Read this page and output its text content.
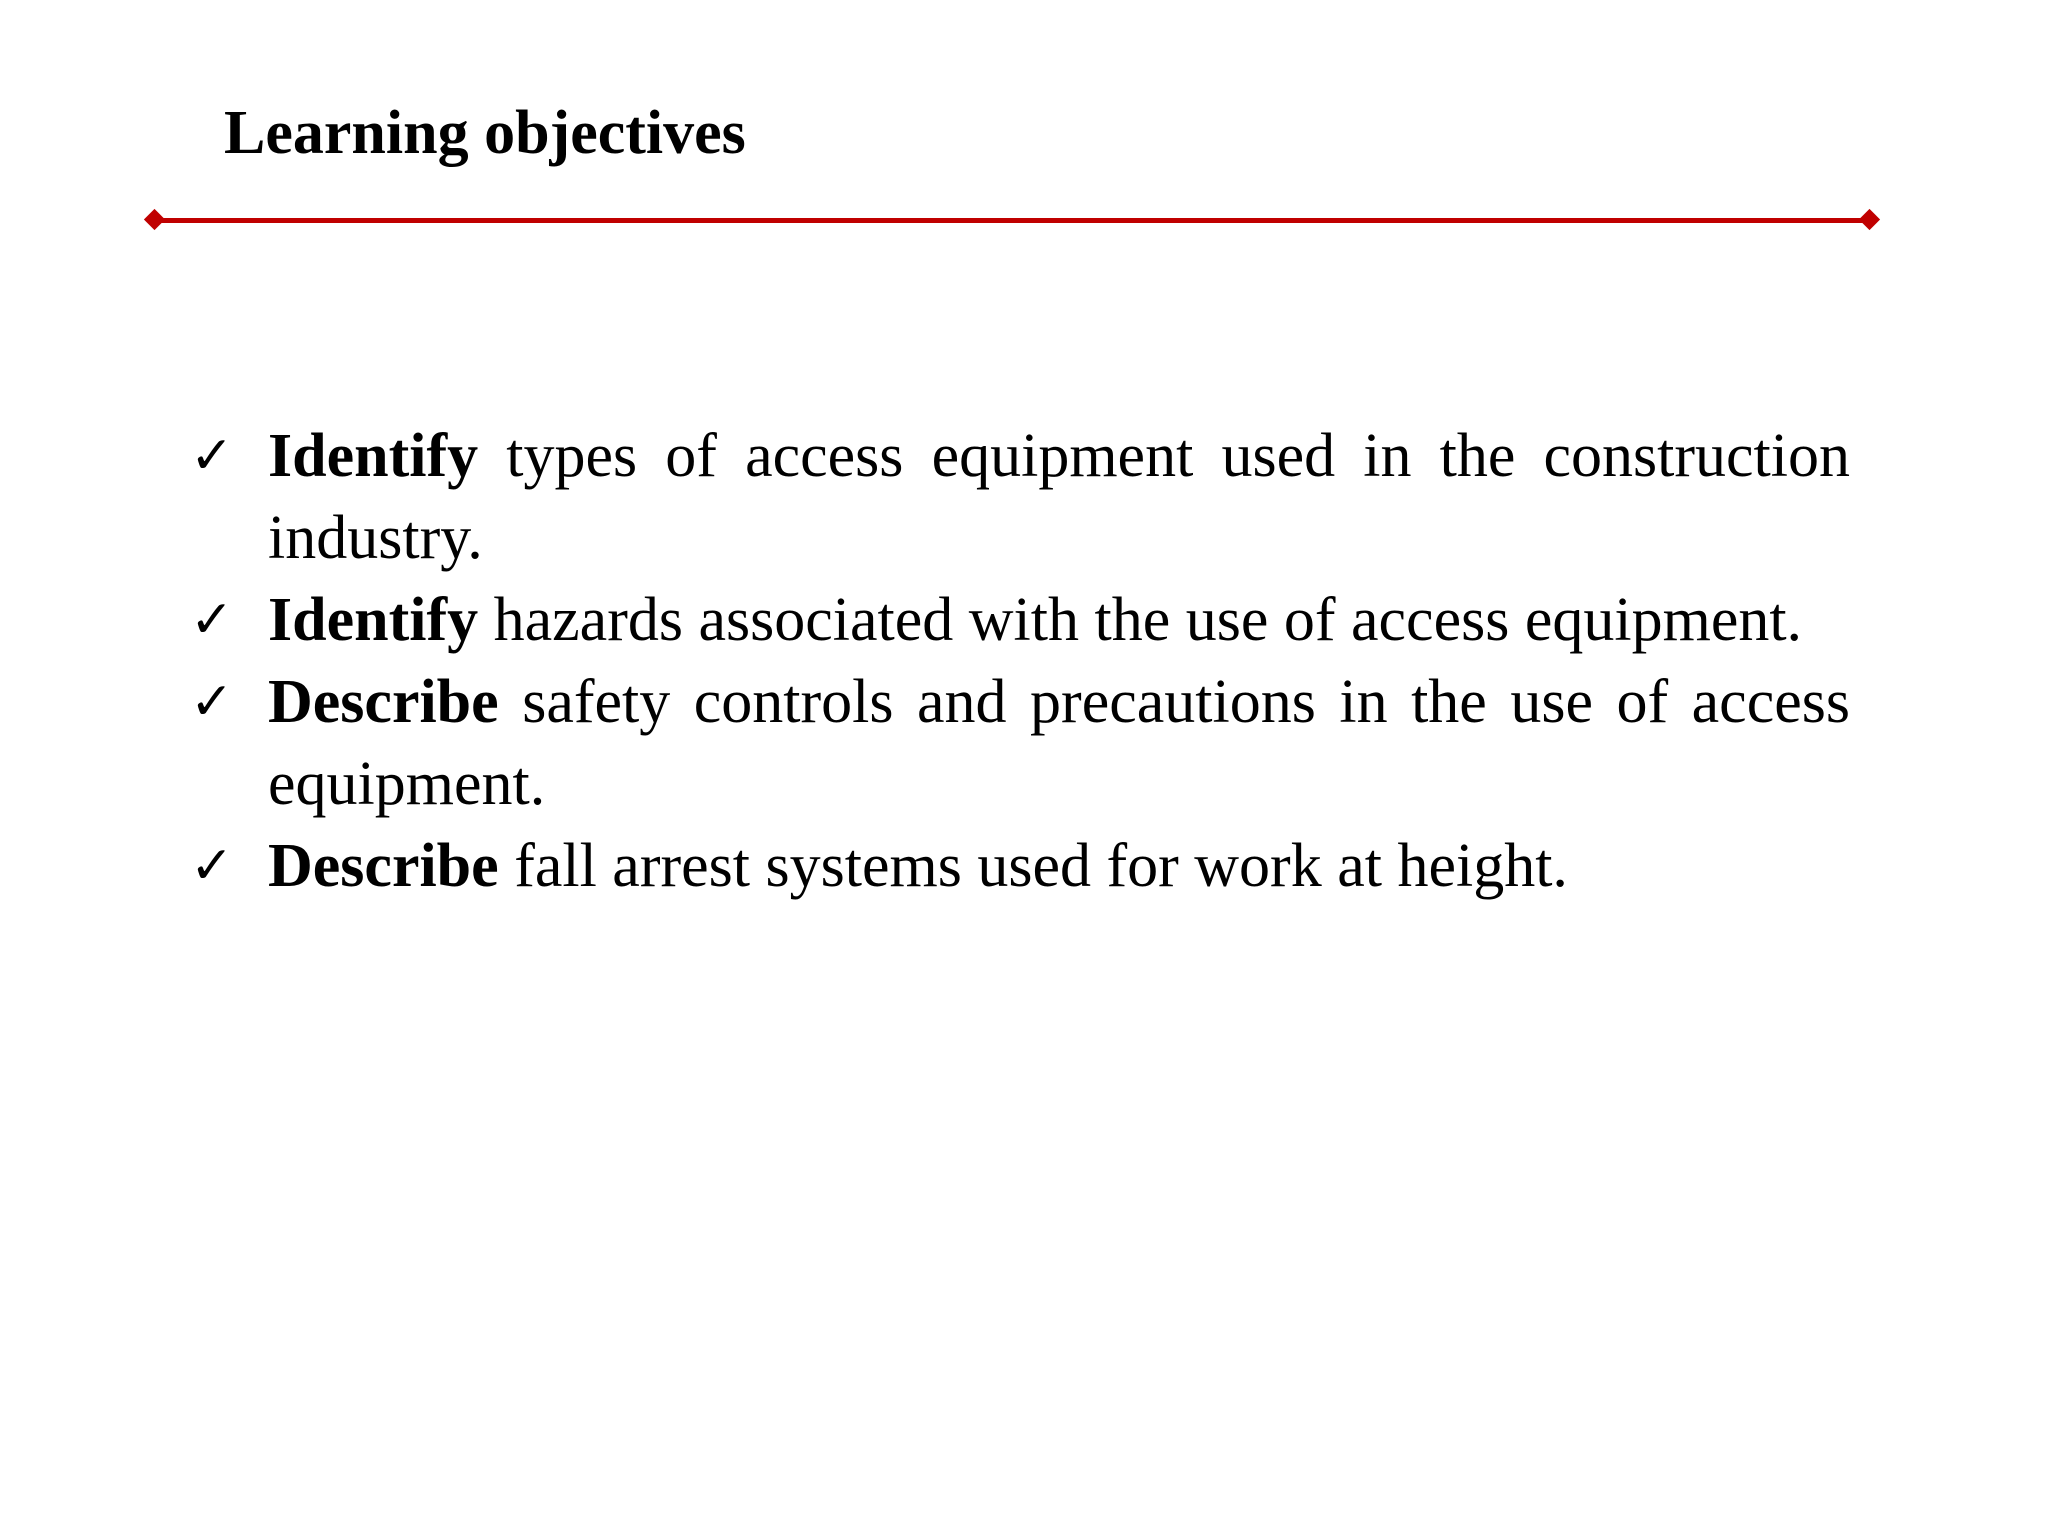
Learning objectives
✓ Identify types of access equipment used in the construction industry.
✓ Identify hazards associated with the use of access equipment.
✓ Describe safety controls and precautions in the use of access equipment.
✓ Describe fall arrest systems used for work at height.
